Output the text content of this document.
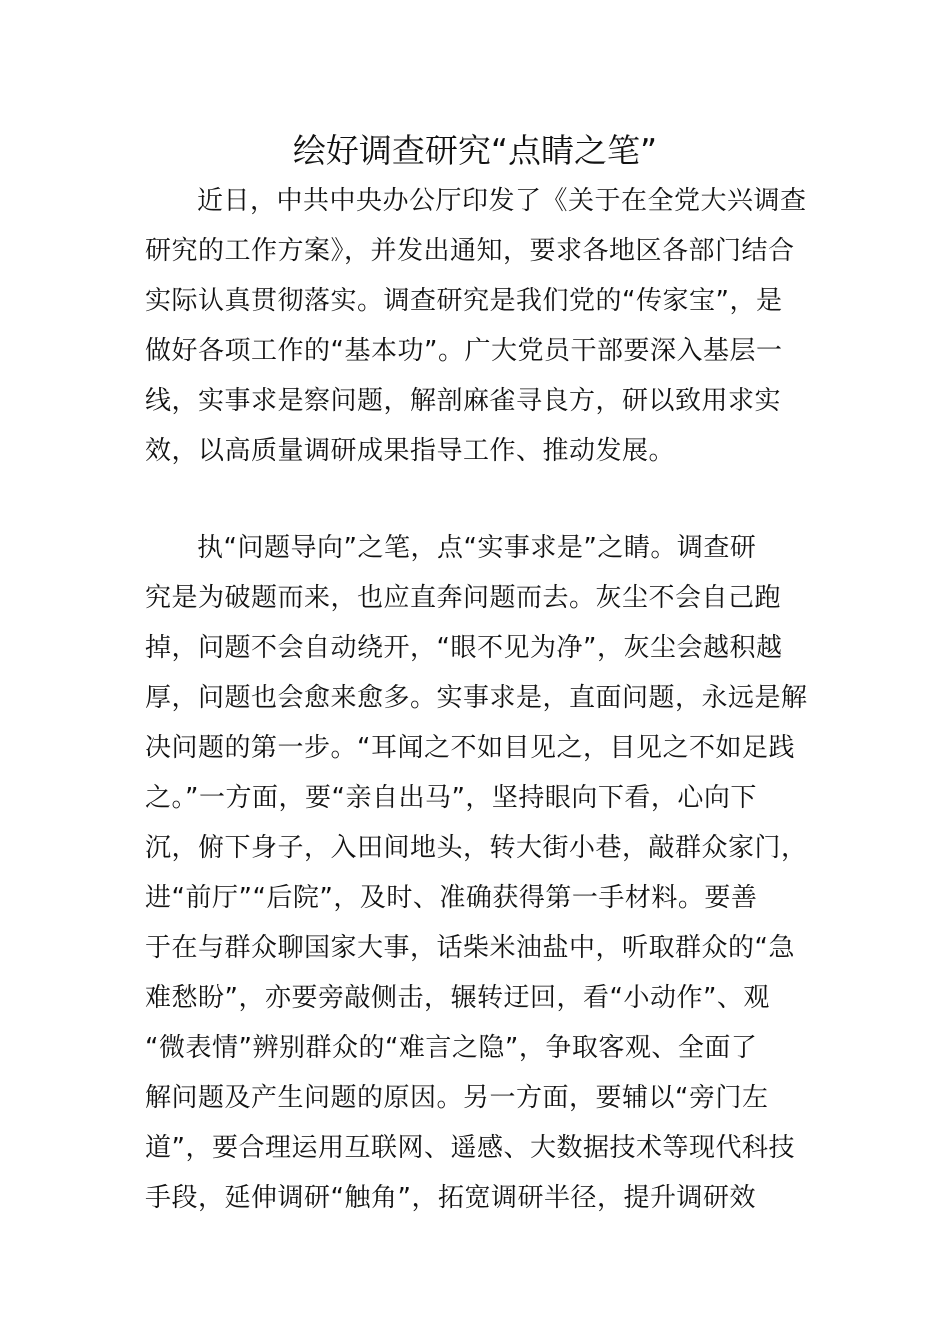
绘好调查研究“点睛之笔”
近日，中共中央办公厅印发了《关于在全党大兴调查
研究的工作方案》，并发出通知，要求各地区各部门结合
实际认真贯彻落实。调查研究是我们党的“传家宝”，是
做好各项工作的“基本功”。广大党员干部要深入基层一
线，实事求是察问题，解剖麻雀寻良方，研以致用求实
效，以高质量调研成果指导工作、推动发展。
执“问题导向”之笔，点“实事求是”之睛。调查研
究是为破题而来，也应直奔问题而去。灰尘不会自己跑
掉，问题不会自动绕开，“眼不见为净”，灰尘会越积越
厚，问题也会愈来愈多。实事求是，直面问题，永远是解
决问题的第一步。“耳闻之不如目见之，目见之不如足践
之。”一方面，要“亲自出马”，坚持眼向下看，心向下
沉，俯下身子，入田间地头，转大街小巷，敲群众家门，
进“前厅”“后院”，及时、准确获得第一手材料。要善
于在与群众聊国家大事，话柴米油盐中，听取群众的“急
难愁盼”，亦要旁敲侧击，辗转迂回，看“小动作”、观
“微表情”辨别群众的“难言之隐”，争取客观、全面了
解问题及产生问题的原因。另一方面，要辅以“旁门左
道”，要合理运用互联网、遥感、大数据技术等现代科技
手段，延伸调研“触角”，拓宽调研半径，提升调研效
